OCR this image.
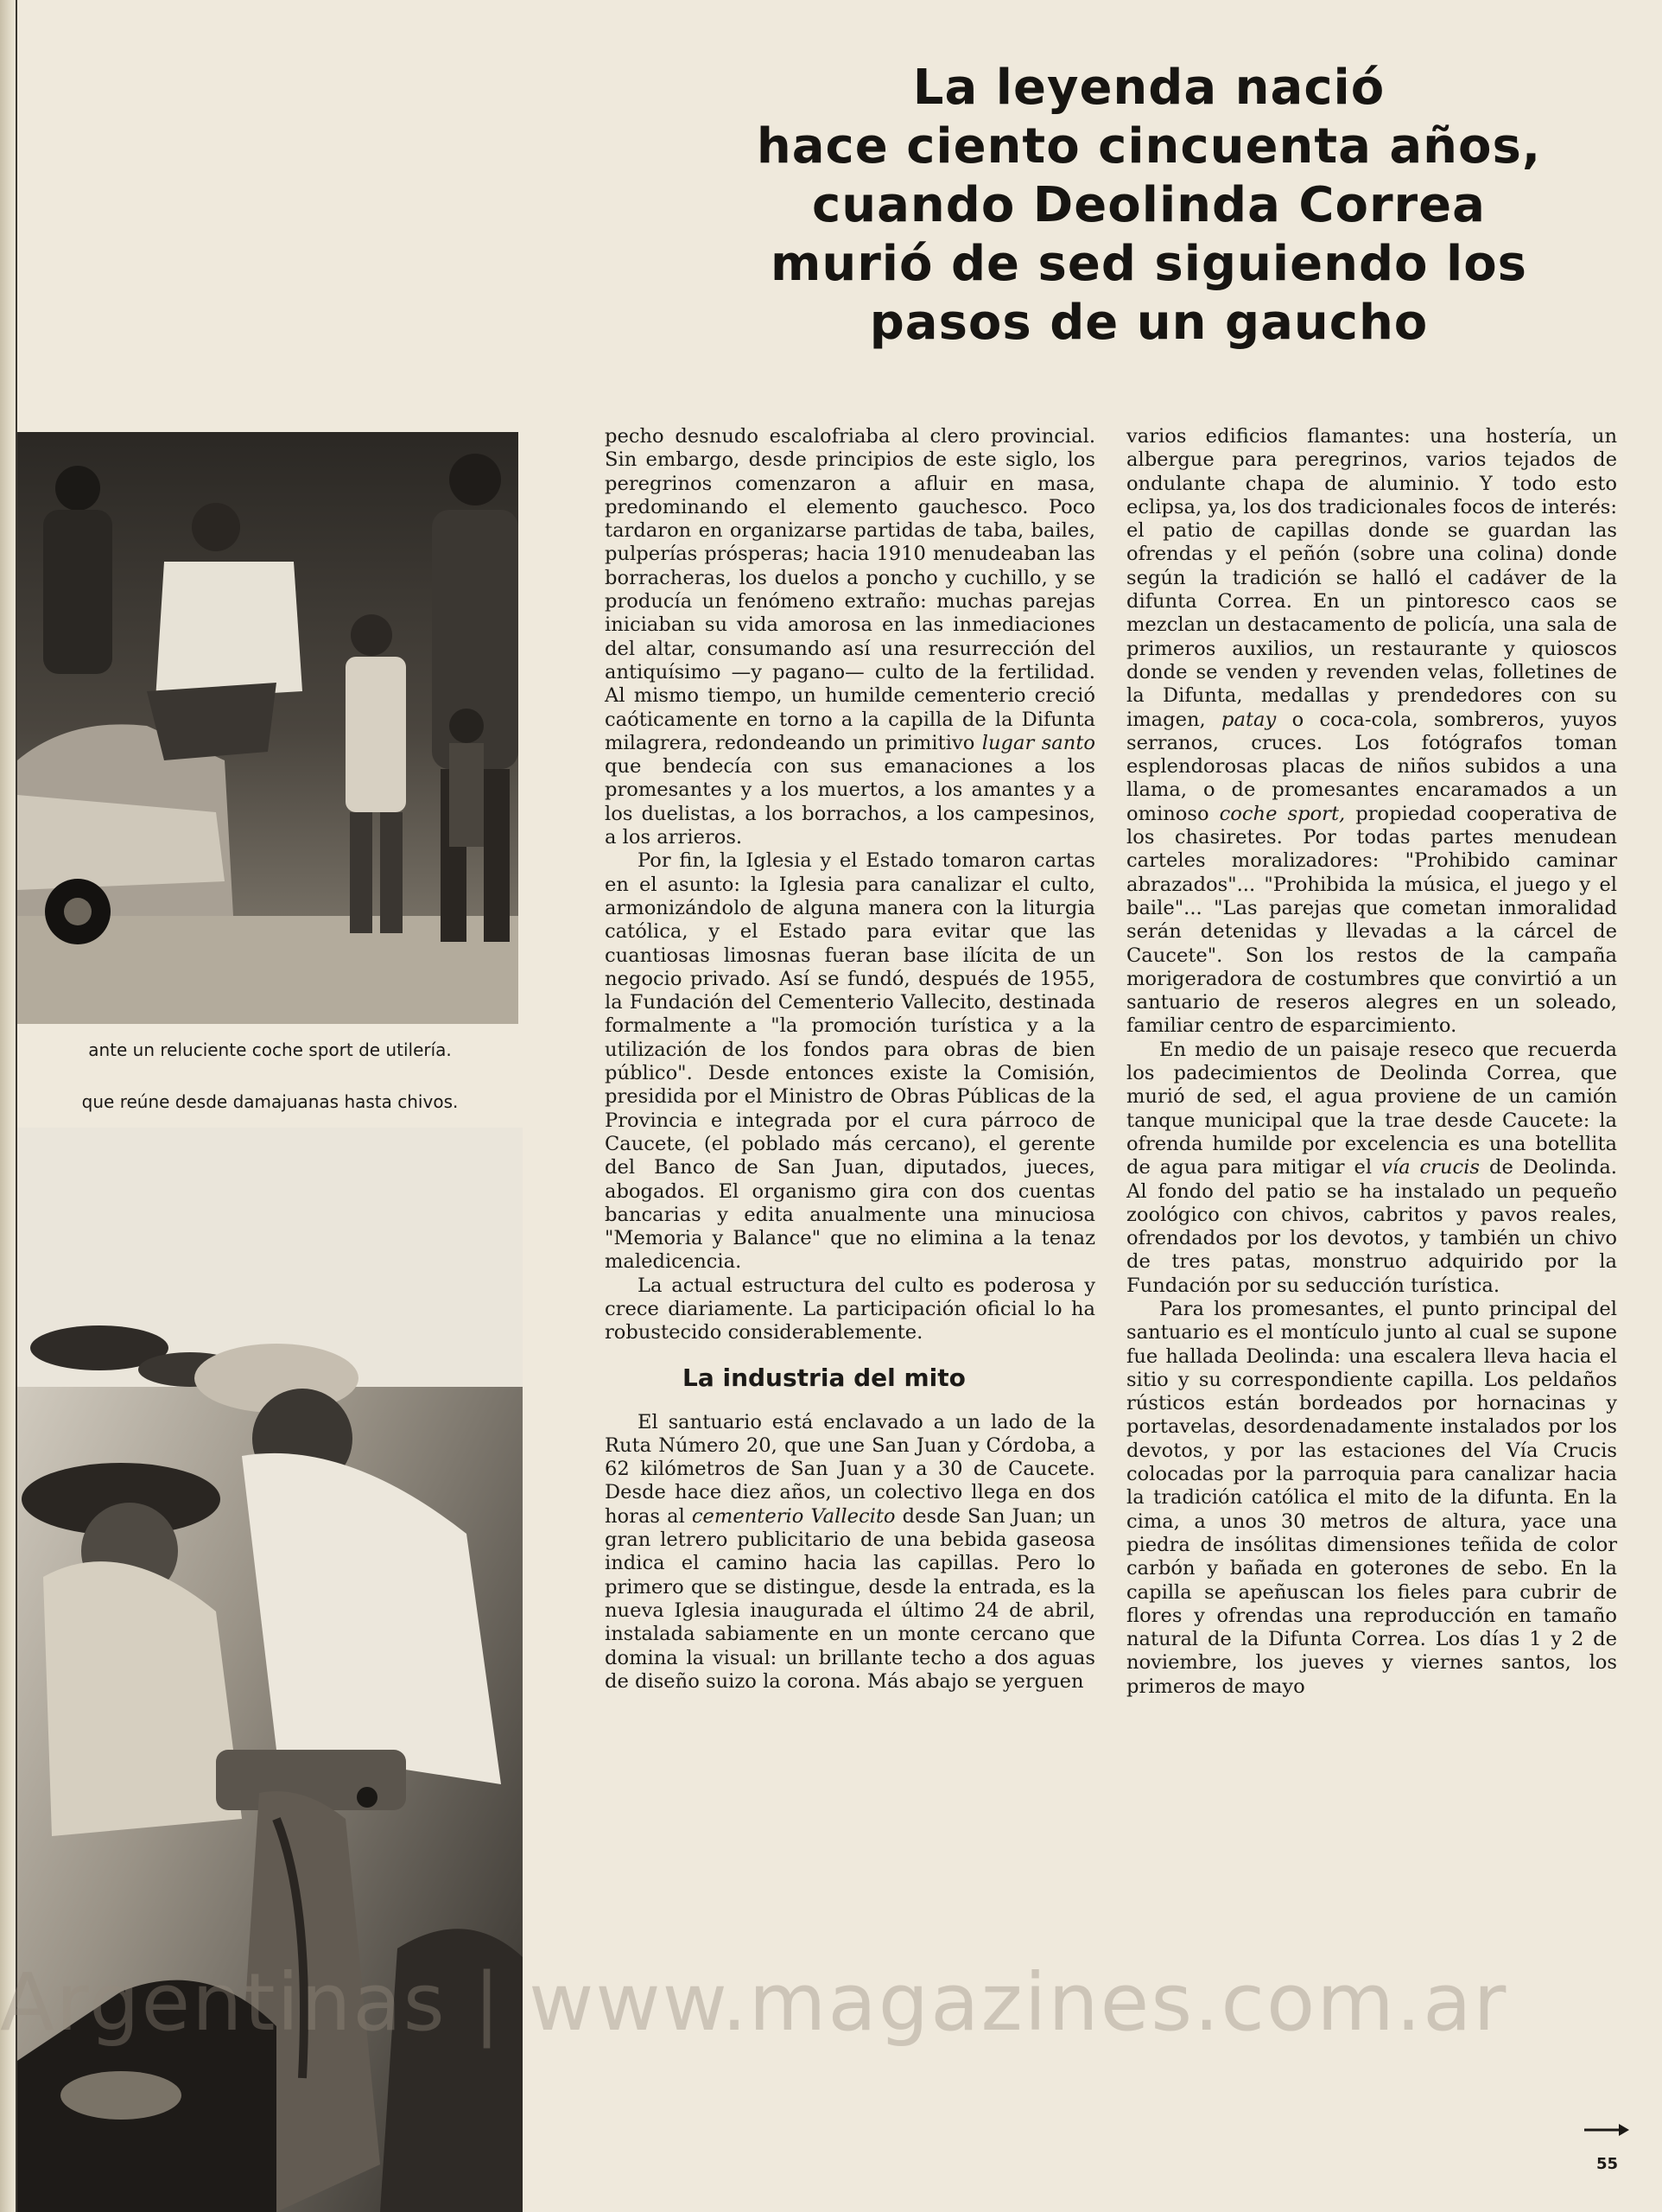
La leyenda nació
hace ciento cincuenta años,
cuando Deolinda Correa
murió de sed siguiendo los
pasos de un gaucho

ante un reluciente coche sport de utilería.

que reúne desde damajuanas hasta chivos.

pecho desnudo escalofriaba al clero provincial. Sin embargo, desde principios de este siglo, los peregrinos comenzaron a afluir en masa, predominando el elemento gauchesco. Poco tardaron en organizarse partidas de taba, bailes, pulperías prósperas; hacia 1910 menudeaban las borracheras, los duelos a poncho y cuchillo, y se producía un fenómeno extraño: muchas parejas iniciaban su vida amorosa en las inmediaciones del altar, consumando así una resurrección del antiquísimo —y pagano— culto de la fertilidad. Al mismo tiempo, un humilde cementerio creció caóticamente en torno a la capilla de la Difunta milagrera, redondeando un primitivo lugar santo que bendecía con sus emanaciones a los promesantes y a los muertos, a los amantes y a los duelistas, a los borrachos, a los campesinos, a los arrieros.

Por fin, la Iglesia y el Estado tomaron cartas en el asunto: la Iglesia para canalizar el culto, armonizándolo de alguna manera con la liturgia católica, y el Estado para evitar que las cuantiosas limosnas fueran base ilícita de un negocio privado. Así se fundó, después de 1955, la Fundación del Cementerio Vallecito, destinada formalmente a "la promoción turística y a la utilización de los fondos para obras de bien público". Desde entonces existe la Comisión, presidida por el Ministro de Obras Públicas de la Provincia e integrada por el cura párroco de Caucete, (el poblado más cercano), el gerente del Banco de San Juan, diputados, jueces, abogados. El organismo gira con dos cuentas bancarias y edita anualmente una minuciosa "Memoria y Balance" que no elimina a la tenaz maledicencia.

La actual estructura del culto es poderosa y crece diariamente. La participación oficial lo ha robustecido considerablemente.

La industria del mito

El santuario está enclavado a un lado de la Ruta Número 20, que une San Juan y Córdoba, a 62 kilómetros de San Juan y a 30 de Caucete. Desde hace diez años, un colectivo llega en dos horas al cementerio Vallecito desde San Juan; un gran letrero publicitario de una bebida gaseosa indica el camino hacia las capillas. Pero lo primero que se distingue, desde la entrada, es la nueva Iglesia inaugurada el último 24 de abril, instalada sabiamente en un monte cercano que domina la visual: un brillante techo a dos aguas de diseño suizo la corona. Más abajo se yerguen

varios edificios flamantes: una hostería, un albergue para peregrinos, varios tejados de ondulante chapa de aluminio. Y todo esto eclipsa, ya, los dos tradicionales focos de interés: el patio de capillas donde se guardan las ofrendas y el peñón (sobre una colina) donde según la tradición se halló el cadáver de la difunta Correa. En un pintoresco caos se mezclan un destacamento de policía, una sala de primeros auxilios, un restaurante y quioscos donde se venden y revenden velas, folletines de la Difunta, medallas y prendedores con su imagen, patay o coca-cola, sombreros, yuyos serranos, cruces. Los fotógrafos toman esplendorosas placas de niños subidos a una llama, o de promesantes encaramados a un ominoso coche sport, propiedad cooperativa de los chasiretes. Por todas partes menudean carteles moralizadores: "Prohibido caminar abrazados"... "Prohibida la música, el juego y el baile"... "Las parejas que cometan inmoralidad serán detenidas y llevadas a la cárcel de Caucete". Son los restos de la campaña morigeradora de costumbres que convirtió a un santuario de reseros alegres en un soleado, familiar centro de esparcimiento.

En medio de un paisaje reseco que recuerda los padecimientos de Deolinda Correa, que murió de sed, el agua proviene de un camión tanque municipal que la trae desde Caucete: la ofrenda humilde por excelencia es una botellita de agua para mitigar el vía crucis de Deolinda. Al fondo del patio se ha instalado un pequeño zoológico con chivos, cabritos y pavos reales, ofrendados por los devotos, y también un chivo de tres patas, monstruo adquirido por la Fundación por su seducción turística.

Para los promesantes, el punto principal del santuario es el montículo junto al cual se supone fue hallada Deolinda: una escalera lleva hacia el sitio y su correspondiente capilla. Los peldaños rústicos están bordeados por hornacinas y portavelas, desordenadamente instalados por los devotos, y por las estaciones del Vía Crucis colocadas por la parroquia para canalizar hacia la tradición católica el mito de la difunta. En la cima, a unos 30 metros de altura, yace una piedra de insólitas dimensiones teñida de color carbón y bañada en goterones de sebo. En la capilla se apeñuscan los fieles para cubrir de flores y ofrendas una reproducción en tamaño natural de la Difunta Correa. Los días 1 y 2 de noviembre, los jueves y viernes santos, los primeros de mayo

Argentinas | www.magazines.com.ar

55
